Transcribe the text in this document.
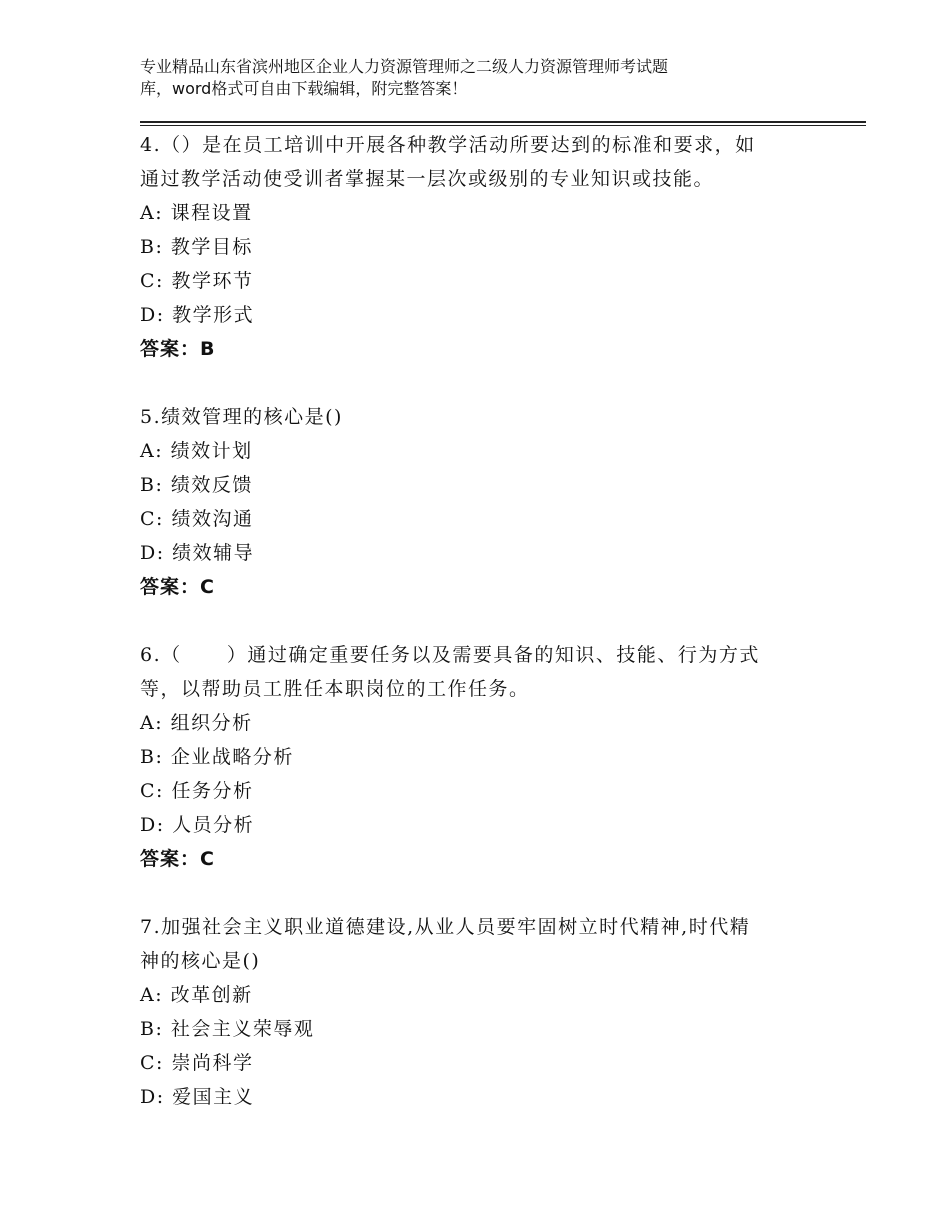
专业精品山东省滨州地区企业人力资源管理师之二级人力资源管理师考试题
库，word格式可自由下载编辑，附完整答案！
4.（）是在员工培训中开展各种教学活动所要达到的标准和要求，如
通过教学活动使受训者掌握某一层次或级别的专业知识或技能。
A: 课程设置
B: 教学目标
C: 教学环节
D: 教学形式
答案：B
5.绩效管理的核心是()
A: 绩效计划
B: 绩效反馈
C: 绩效沟通
D: 绩效辅导
答案：C
6.（      ）通过确定重要任务以及需要具备的知识、技能、行为方式
等，以帮助员工胜任本职岗位的工作任务。
A: 组织分析
B: 企业战略分析
C: 任务分析
D: 人员分析
答案：C
7.加强社会主义职业道德建设,从业人员要牢固树立时代精神,时代精
神的核心是()
A: 改革创新
B: 社会主义荣辱观
C: 崇尚科学
D: 爱国主义
